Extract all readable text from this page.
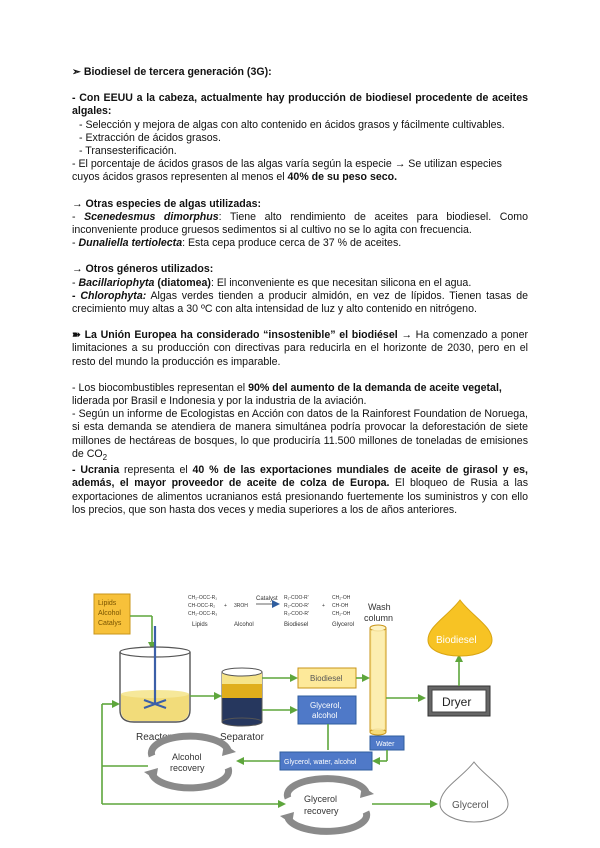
➣ Biodiesel de tercera generación (3G):

- Con EEUU a la cabeza, actualmente hay producción de biodiesel procedente de aceites algales:

- Selección y mejora de algas con alto contenido en ácidos grasos y fácilmente cultivables.

- Extracción de ácidos grasos.

- Transesterificación.

- El porcentaje de ácidos grasos de las algas varía según la especie → Se utilizan especies cuyos ácidos grasos representen al menos el 40% de su peso seco.

→ Otras especies de algas utilizadas:

- Scenedesmus dimorphus: Tiene alto rendimiento de aceites para biodiesel. Como inconveniente produce gruesos sedimentos si al cultivo no se lo agita con frecuencia.

- Dunaliella tertiolecta: Esta cepa produce cerca de 37 % de aceites.

→ Otros géneros utilizados:

- Bacillariophyta (diatomea): El inconveniente es que necesitan silicona en el agua.

- Chlorophyta: Algas verdes tienden a producir almidón, en vez de lípidos. Tienen tasas de crecimiento muy altas a 30 ºC con alta intensidad de luz y alto contenido en nitrógeno.

➽ La Unión Europea ha considerado “insostenible” el biodiésel → Ha comenzado a poner limitaciones a su producción con directivas para reducirla en el horizonte de 2030, pero en el resto del mundo la producción es imparable.

- Los biocombustibles representan el 90% del aumento de la demanda de aceite vegetal, liderada por Brasil e Indonesia y por la industria de la aviación.

- Según un informe de Ecologistas en Acción con datos de la Rainforest Foundation de Noruega, si esta demanda se atendiera de manera simultánea podría provocar la deforestación de siete millones de hectáreas de bosques, lo que produciría 11.500 millones de toneladas de emisiones de $CO_2$

- Ucrania representa el 40 % de las exportaciones mundiales de aceite de girasol y es, además, el mayor proveedor de aceite de colza de Europa. El bloqueo de Rusia a las exportaciones de alimentos ucranianos está presionando fuertemente los suministros y con ello los precios, que son hasta dos veces y media superiores a los de años anteriores.

Lipids
Alcohol
Catalys
Reactor
CH₂-OCC-R₁
CH-OCC-R₂
CH₂-OCC-R₃
+ 3ROH
Catalyst R₁-COO-R'
R₂-COO-R'
R₃-COO-R'
+
CH₂-OH
CH-OH
CH₂-OH
Lipids	Alcohol	Biodiesel	Glycerol
Separator
Biodiesel
Glycerol,
alcohol
Wash
column
Water
Dryer
Biodiesel
Glycerol, water, alcohol
Alcohol
recovery
Glycerol
recovery	Glycerol
